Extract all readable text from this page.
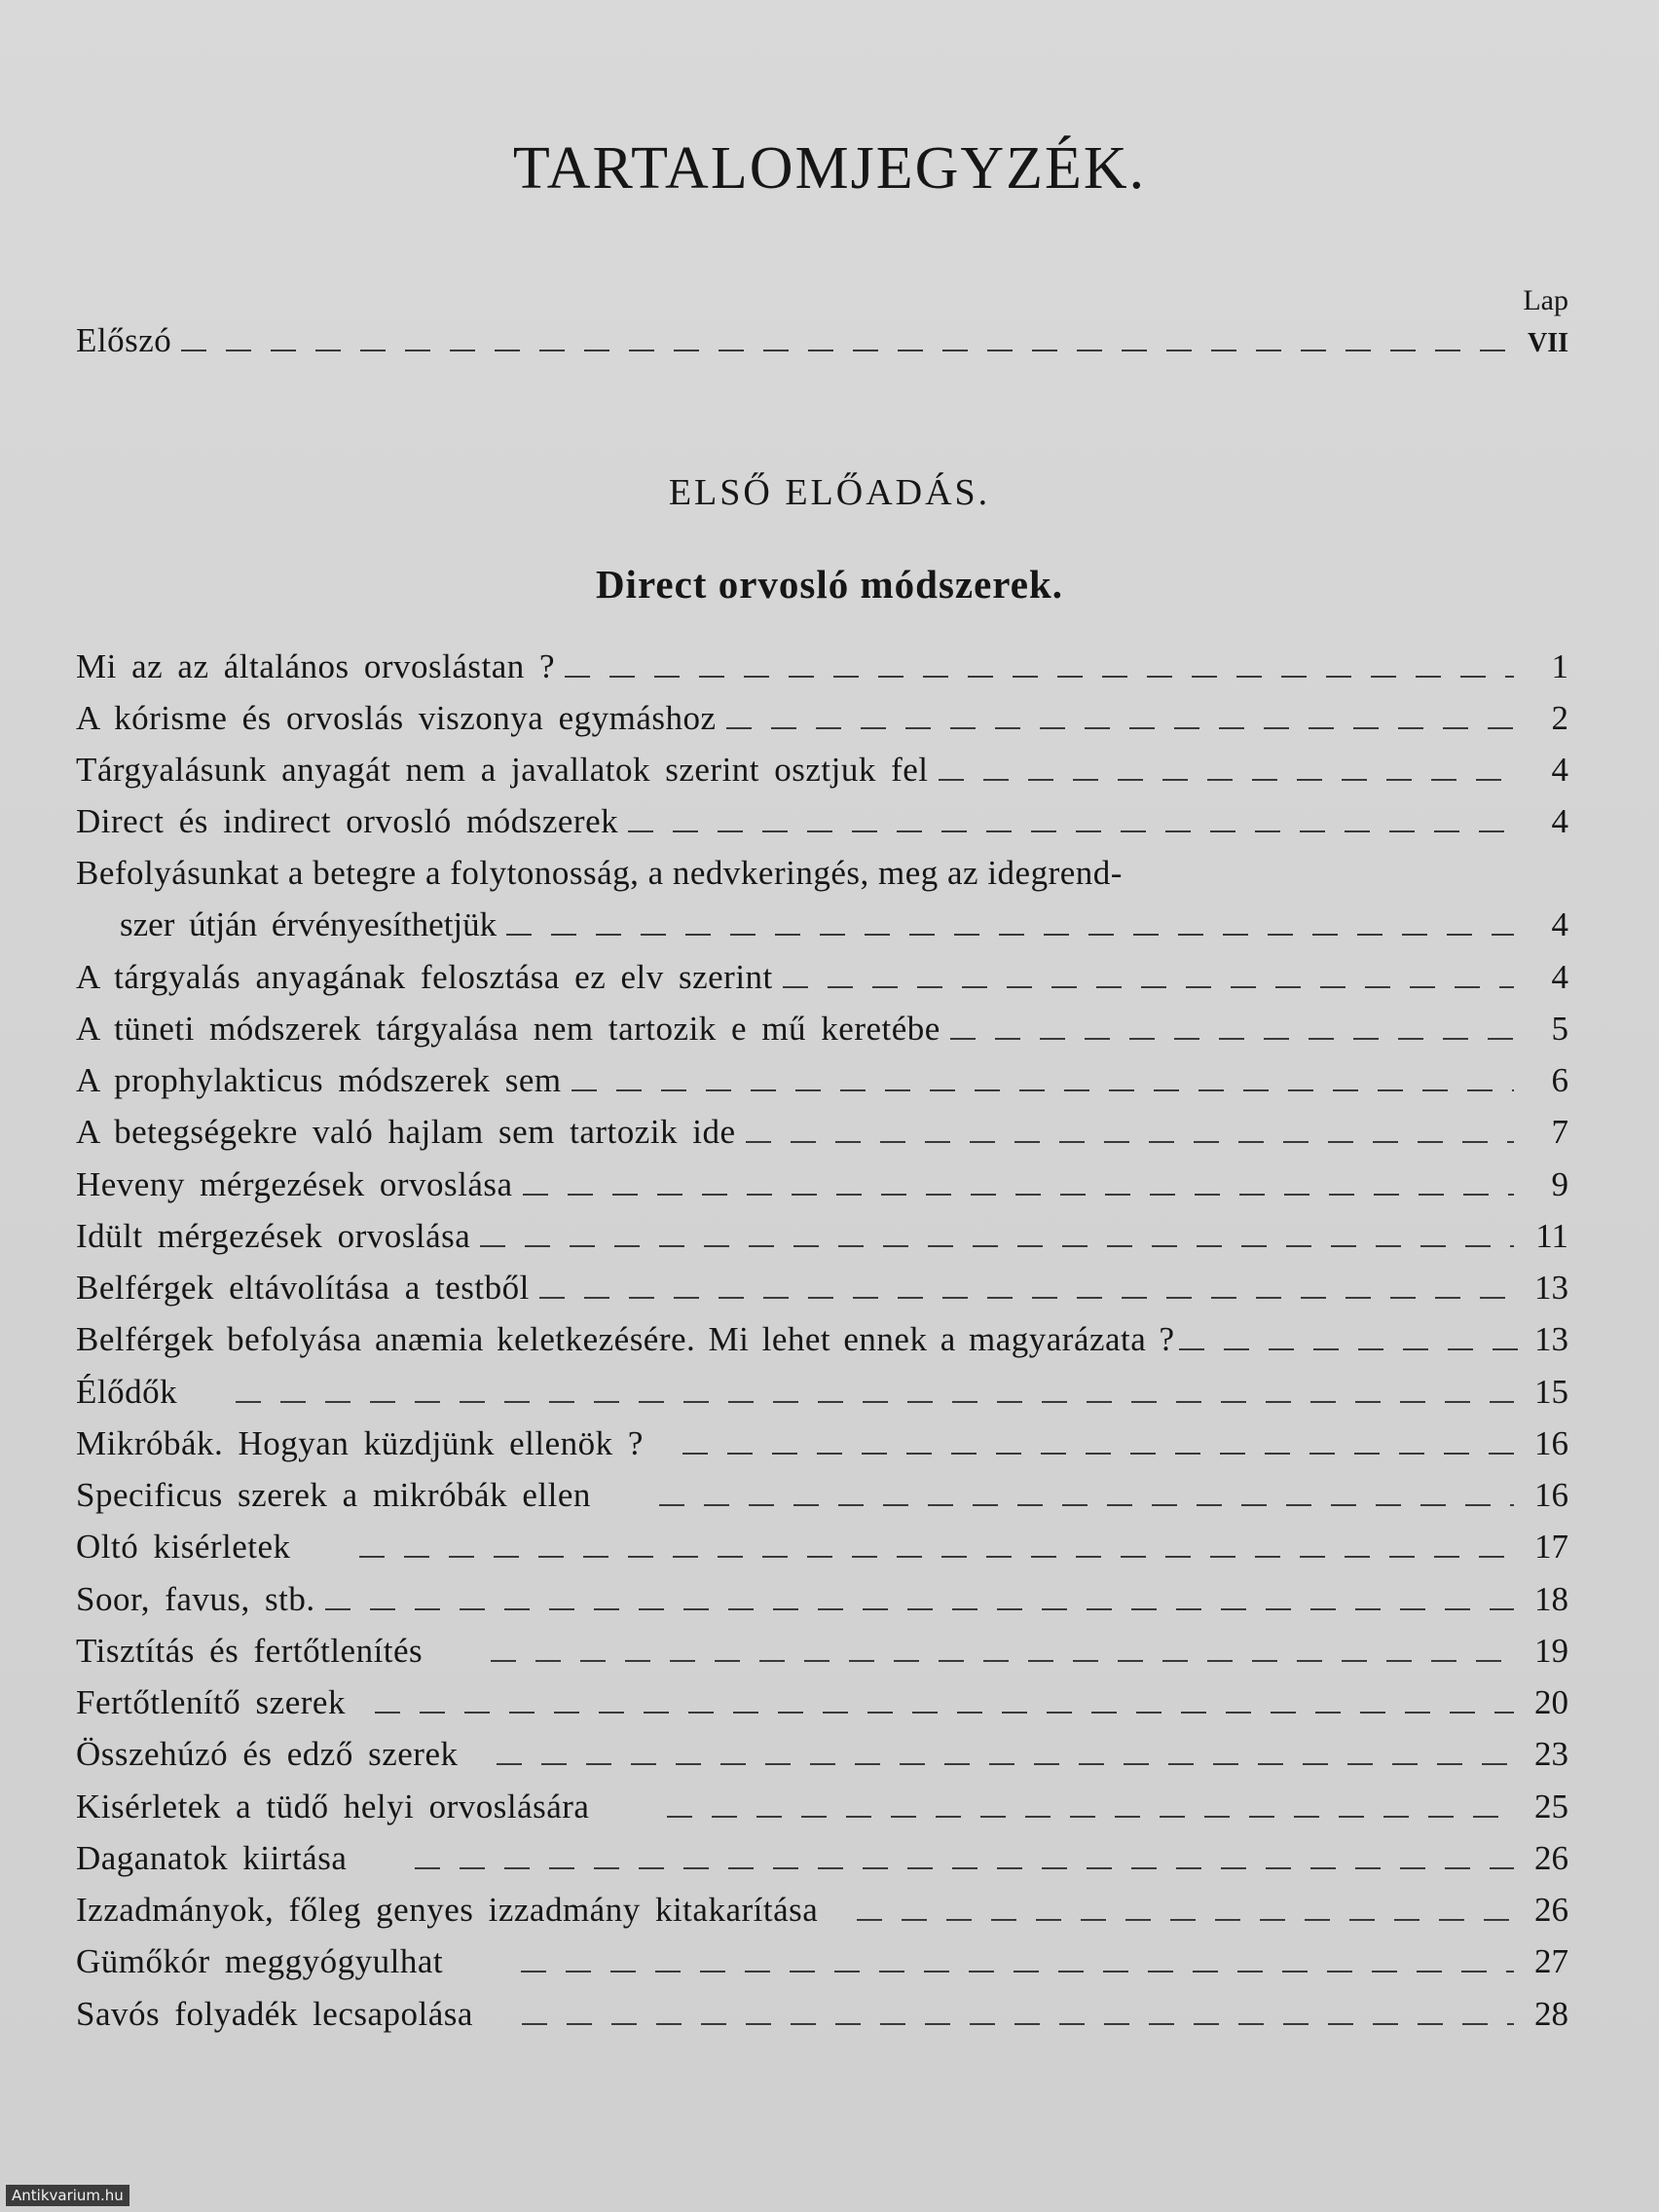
TARTALOMJEGYZÉK.
Lap
Előszó	VII
ELSŐ ELŐADÁS.
Direct orvosló módszerek.
Mi az az általános orvoslástan ?	1
A kórisme és orvoslás viszonya egymáshoz	2
Tárgyalásunk anyagát nem a javallatok szerint osztjuk fel	4
Direct és indirect orvosló módszerek	4
Befolyásunkat a betegre a folytonosság, a nedvkeringés, meg az idegrend-
szer útján érvényesíthetjük	4
A tárgyalás anyagának felosztása ez elv szerint	4
A tüneti módszerek tárgyalása nem tartozik e mű keretébe	5
A prophylakticus módszerek sem	6
A betegségekre való hajlam sem tartozik ide	7
Heveny mérgezések orvoslása	9
Idült mérgezések orvoslása	11
Belférgek eltávolítása a testből	13
Belférgek befolyása anæmia keletkezésére. Mi lehet ennek a magyarázata ?	13
Élődők	15
Mikróbák. Hogyan küzdjünk ellenök ?	16
Specificus szerek a mikróbák ellen	16
Oltó kisérletek	17
Soor, favus, stb.	18
Tisztítás és fertőtlenítés	19
Fertőtlenítő szerek	20
Összehúzó és edző szerek	23
Kisérletek a tüdő helyi orvoslására	25
Daganatok kiirtása	26
Izzadmányok, főleg genyes izzadmány kitakarítása	26
Gümőkór meggyógyulhat	27
Savós folyadék lecsapolása	28
Antikvarium.hu
